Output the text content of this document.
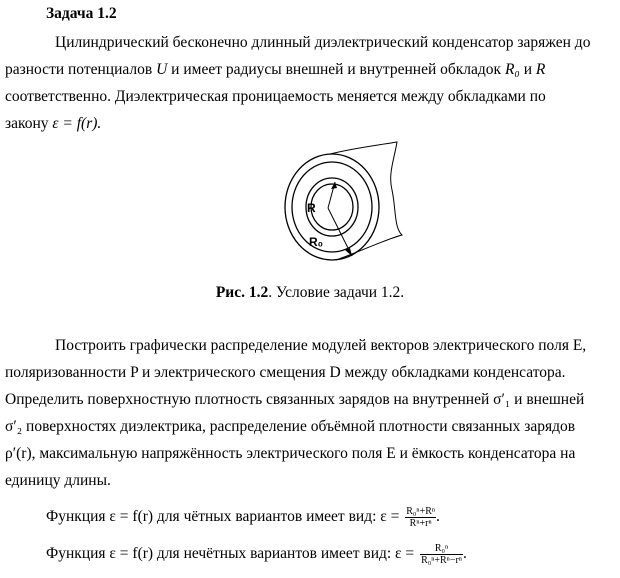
Задача 1.2
Цилиндрический бесконечно длинный диэлектрический конденсатор заряжен до
разности потенциалов U и имеет радиусы внешней и внутренней обкладок R₀ и R
соответственно. Диэлектрическая проницаемость меняется между обкладками по
закону ε = f(r).
R
R₀
Рис. 1.2. Условие задачи 1.2.
Построить графически распределение модулей векторов электрического поля E,
поляризованности P и электрического смещения D между обкладками конденсатора.
Определить поверхностную плотность связанных зарядов на внутренней σ′₁ и внешней
σ′₂ поверхностях диэлектрика, распределение объёмной плотности связанных зарядов
ρ′(r), максимальную напряжённость электрического поля E и ёмкость конденсатора на
единицу длины.
Функция ε = f(r) для чётных вариантов имеет вид: $\varepsilon = \frac{\text{R₀ⁿ+Rⁿ}}{\text{Rⁿ+rⁿ}}$ .
Функция ε = f(r) для нечётных вариантов имеет вид: $\varepsilon = \frac{\text{R₀ⁿ}}{\text{R₀ⁿ+Rⁿ−rⁿ}}$ .
